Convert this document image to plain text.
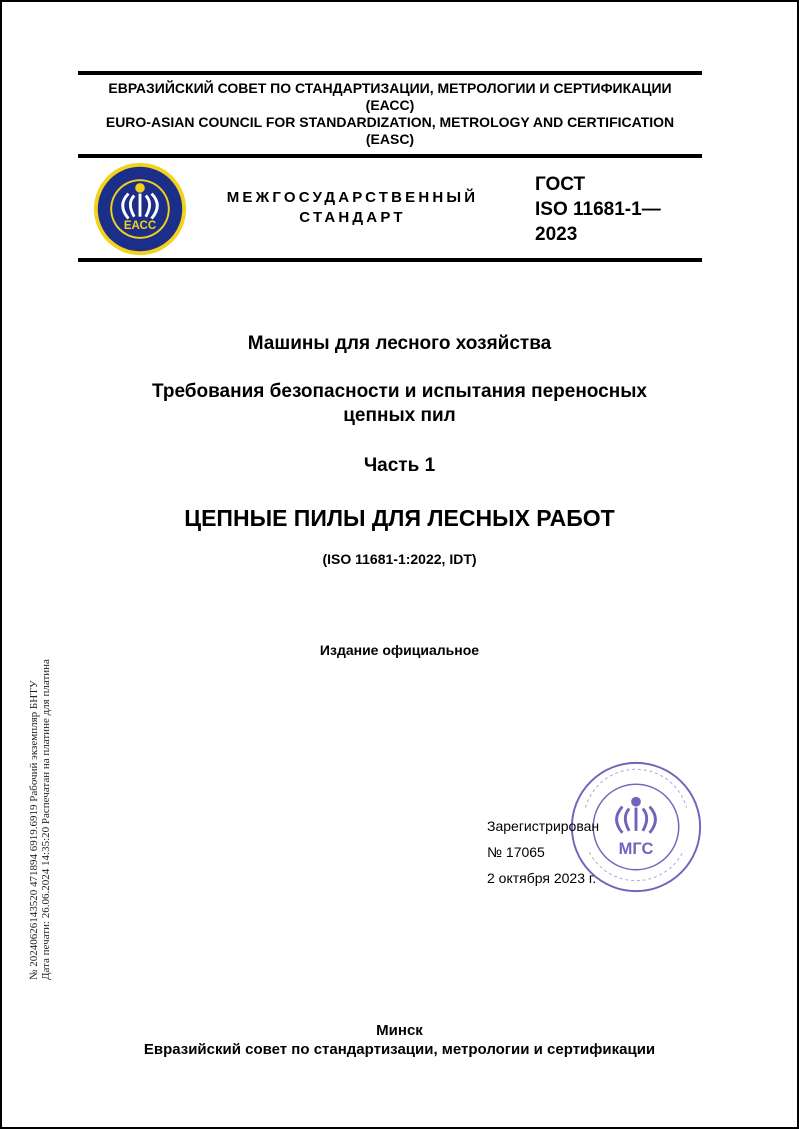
ЕВРАЗИЙСКИЙ СОВЕТ ПО СТАНДАРТИЗАЦИИ, МЕТРОЛОГИИ И СЕРТИФИКАЦИИ
(ЕАСС)
EURO-ASIAN COUNCIL FOR STANDARDIZATION, METROLOGY AND CERTIFICATION
(EASC)
ЕАСС
МЕЖГОСУДАРСТВЕННЫЙ
СТАНДАРТ
ГОСТ
ISO 11681-1—
2023
Машины для лесного хозяйства
Требования безопасности и испытания переносных
цепных пил
Часть 1
ЦЕПНЫЕ ПИЛЫ ДЛЯ ЛЕСНЫХ РАБОТ
(ISO 11681-1:2022, IDT)
Издание официальное
МГС
Зарегистрирован
№ 17065
2 октября 2023 г.
№ 20240626143520 471894 6919.6919 Рабочий экземпляр БНТУ Дата печати: 26.06.2024 14:35:20 Распечатан на платине для платина
Минск
Евразийский совет по стандартизации, метрологии и сертификации
